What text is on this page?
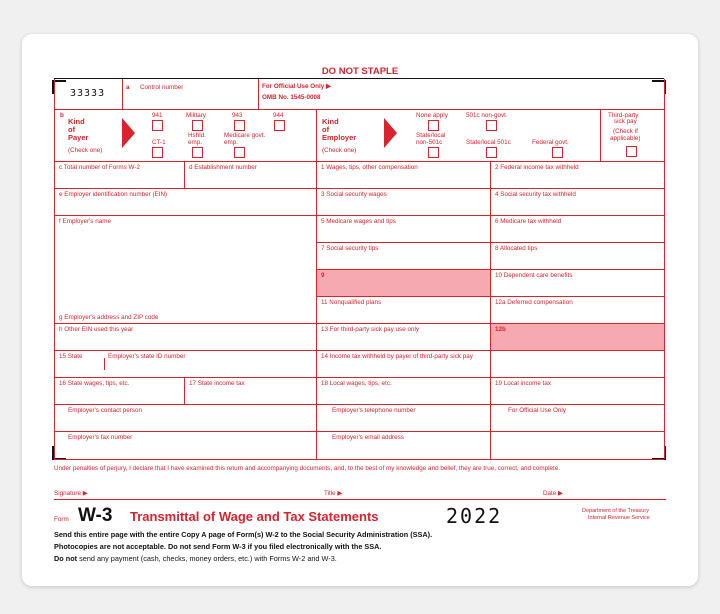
DO NOT STAPLE
33333
a Control number	For Official Use Only ▶
OMB No. 1545-0008
b
Kind
of
Payer
(Check one)
941	Military	943	944
CT-1
Hshld. emp.
Medicare govt. emp.
Kind
of
Employer
(Check one)
None apply	501c non-govt.
State/local non-501c	State/local 501c	Federal govt.
Third-party
sick pay
(Check if
applicable)
c Total number of Forms W-2	d Establishment number	1 Wages, tips, other compensation	2 Federal income tax withheld
e Employer identification number (EIN)	3 Social security wages	4 Social security tax withheld
f Employer's name	5 Medicare wages and tips	6 Medicare tax withheld
7 Social security tips	8 Allocated tips
9	10 Dependent care benefits
11 Nonqualified plans	12a Deferred compensation
g Employer's address and ZIP code
h Other EIN used this year	13 For third-party sick pay use only	12b
15 State	Employer's state ID number	14 Income tax withheld by payer of third-party sick pay
16 State wages, tips, etc.	17 State income tax	18 Local wages, tips, etc.	19 Local income tax
Employer's contact person	Employer's telephone number	For Official Use Only
Employer's fax number	Employer's email address
Under penalties of perjury, I declare that I have examined this return and accompanying documents, and, to the best of my knowledge and belief, they are true, correct, and complete.
Signature ▶	Title ▶	Date ▶
Form W-3 Transmittal of Wage and Tax Statements	2022	Department of the Treasury
Internal Revenue Service
Send this entire page with the entire Copy A page of Form(s) W-2 to the Social Security Administration (SSA).
Photocopies are not acceptable. Do not send Form W-3 if you filed electronically with the SSA.
Do not send any payment (cash, checks, money orders, etc.) with Forms W-2 and W-3.
